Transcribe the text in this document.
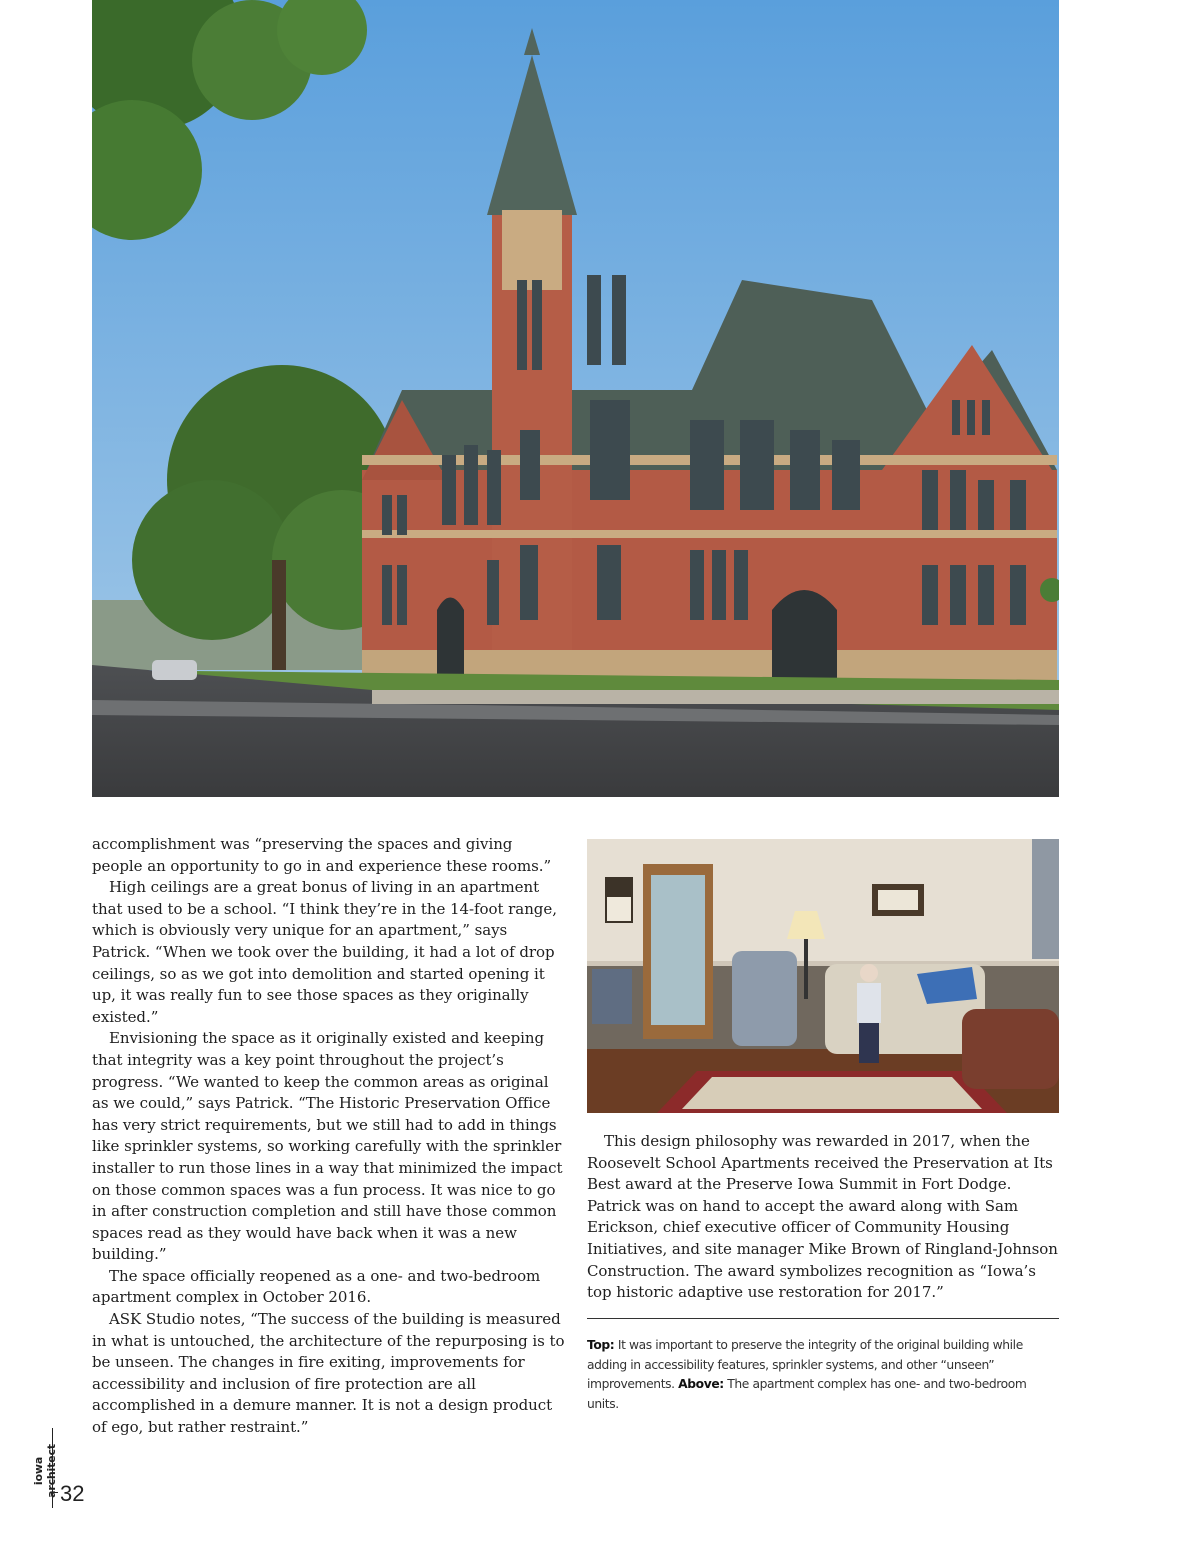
accomplishment was “preserving the spaces and giving people an opportunity to go in and experience these rooms.”

High ceilings are a great bonus of living in an apartment that used to be a school. “I think they’re in the 14-foot range, which is obviously very unique for an apartment,” says Patrick. “When we took over the building, it had a lot of drop ceilings, so as we got into demolition and started opening it up, it was really fun to see those spaces as they originally existed.”

Envisioning the space as it originally existed and keeping that integrity was a key point throughout the project’s progress. “We wanted to keep the common areas as original as we could,” says Patrick. “The Historic Preservation Office has very strict requirements, but we still had to add in things like sprinkler systems, so working carefully with the sprinkler installer to run those lines in a way that minimized the impact on those common spaces was a fun process. It was nice to go in after construction completion and still have those common spaces read as they would have back when it was a new building.”

The space officially reopened as a one- and two-bedroom apartment complex in October 2016.

ASK Studio notes, “The success of the building is measured in what is untouched, the architecture of the repurposing is to be unseen. The changes in fire exiting, improvements for accessibility and inclusion of fire protection are all accomplished in a demure manner. It is not a design product of ego, but rather restraint.”

This design philosophy was rewarded in 2017, when the Roosevelt School Apartments received the Preservation at Its Best award at the Preserve Iowa Summit in Fort Dodge. Patrick was on hand to accept the award along with Sam Erickson, chief executive officer of Community Housing Initiatives, and site manager Mike Brown of Ringland-Johnson Construction. The award symbolizes recognition as “Iowa’s top historic adaptive use restoration for 2017.”

Top: It was important to preserve the integrity of the original building while adding in accessibility features, sprinkler systems, and other “unseen” improvements. Above: The apartment complex has one- and two-bedroom units.
iowa architect 32
